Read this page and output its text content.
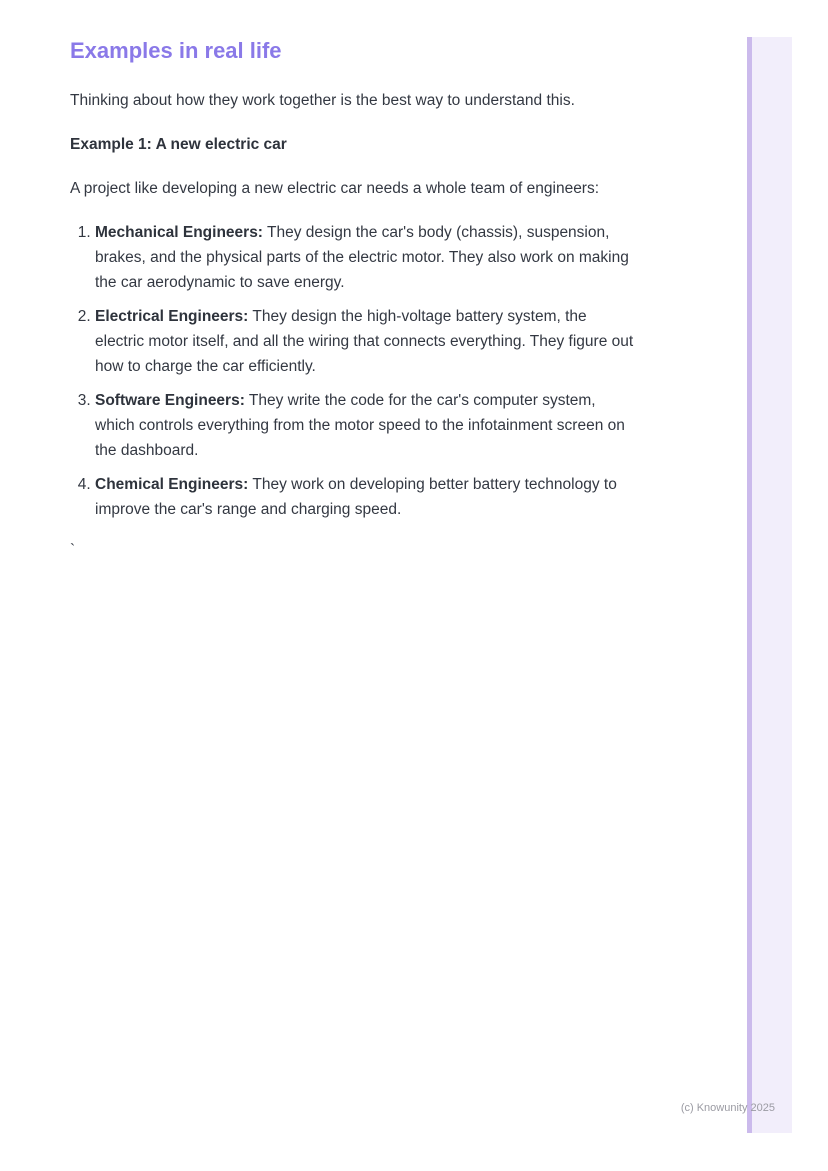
Examples in real life

Thinking about how they work together is the best way to understand this.

Example 1: A new electric car

A project like developing a new electric car needs a whole team of engineers:

1. Mechanical Engineers: They design the car's body (chassis), suspension, brakes, and the physical parts of the electric motor. They also work on making the car aerodynamic to save energy.
2. Electrical Engineers: They design the high-voltage battery system, the electric motor itself, and all the wiring that connects everything. They figure out how to charge the car efficiently.
3. Software Engineers: They write the code for the car's computer system, which controls everything from the motor speed to the infotainment screen on the dashboard.
4. Chemical Engineers: They work on developing better battery technology to improve the car's range and charging speed.

`

(c) Knowunity 2025
